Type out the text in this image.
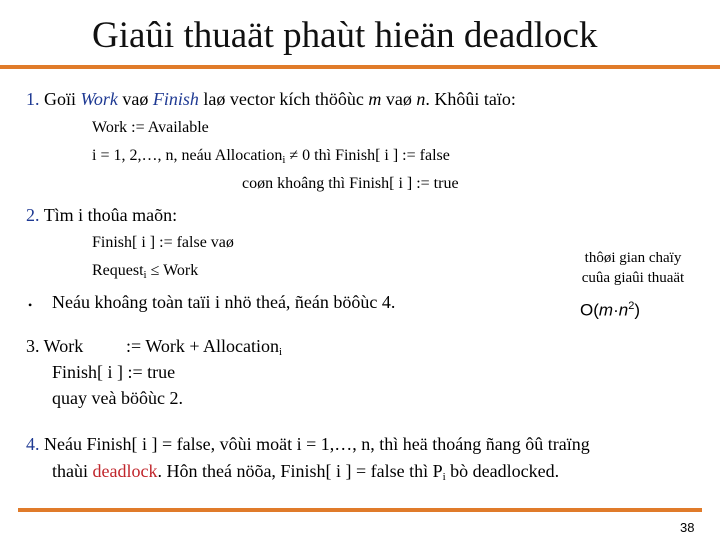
Giaûi thuaät phaùt hieän deadlock
1. Goïi Work vaø Finish laø vector kích thöôùc m vaø n. Khôûi taïo:
Work := Available
i = 1, 2,…, n, neáu Allocation$_i$ ≠ 0 thì Finish[ i ] := false
coøn khoâng thì Finish[ i ] := true
2. Tìm i thoûa maõn:
Finish[ i ] := false vaø
Request$_i$ ≤ Work
• Neáu khoâng toàn taïi i nhö theá, ñeán böôùc 4.
thôøi gian chaïy
cuûa giaûi thuaät
$O(m\cdot n^2)$
3. Work := Work + Allocation$_i$
Finish[ i ] := true
quay veà böôùc 2.
4. Neáu Finish[ i ] = false, vôùi moät i = 1,…, n, thì heä thoáng ñang ôû traïng
thaùi deadlock. Hôn theá nöõa, Finish[ i ] = false thì $P_i$ bò deadlocked.
38
